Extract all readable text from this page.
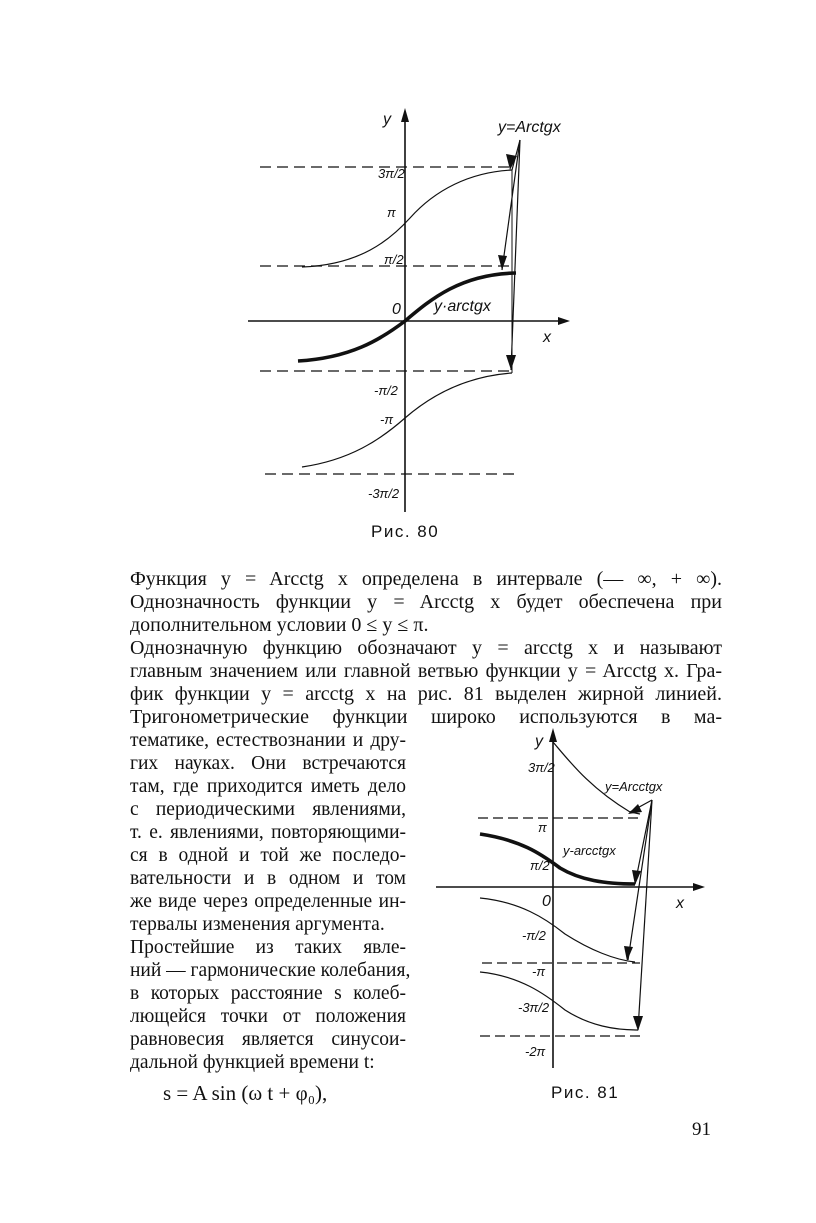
y
x
y=Arctgx
y·arctgx
0
3π/2
π
π/2
-π/2
-π
-3π/2
Рис. 80
Функция y = Arcctg x определена в интервале (— ∞, + ∞).
Однозначность функции y = Arcctg x будет обеспечена при
дополнительном условии 0 ≤ y ≤ π.
Однозначную функцию обозначают y = arcctg x и называют
главным значением или главной ветвью функции y = Arcctg x. Гра-
фик функции y = arcctg x на рис. 81 выделен жирной линией.
Тригонометрические функции широко используются в ма-
тематике, естествознании и дру-
гих науках. Они встречаются
там, где приходится иметь дело
с периодическими явлениями,
т. е. явлениями, повторяющими-
ся в одной и той же последо-
вательности и в одном и том
же виде через определенные ин-
тервалы изменения аргумента.
Простейшие из таких явле-
ний — гармонические колебания,
в которых расстояние s колеб-
лющейся точки от положения
равновесия является синусои-
дальной функцией времени t:
s = A sin (ω t + φ₀),
y
x
y=Arcctgx
y-arcctgx
0
3π/2
π
π/2
-π/2
-π
-3π/2
-2π
Рис. 81
91
